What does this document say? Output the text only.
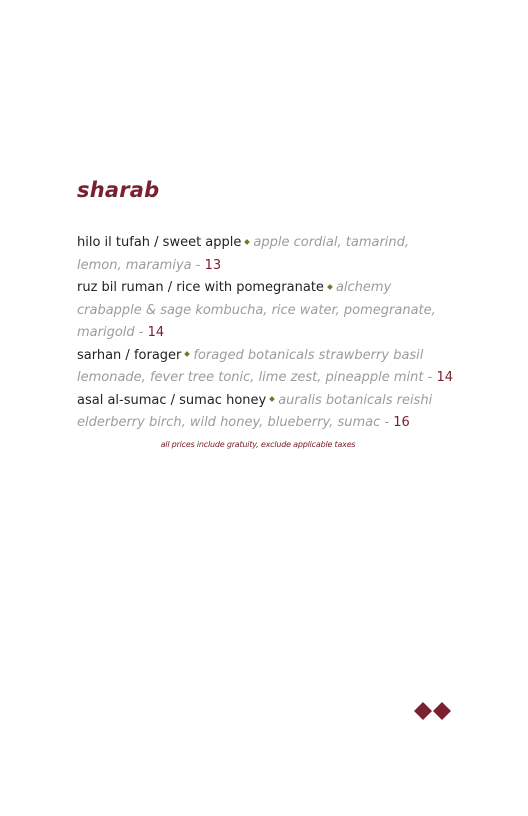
sharab

hilo il tufah / sweet apple apple cordial, tamarind, lemon, maramiya - 13

ruz bil ruman / rice with pomegranate alchemy crabapple & sage kombucha, rice water, pomegranate, marigold - 14

sarhan / forager foraged botanicals strawberry basil lemonade, fever tree tonic, lime zest, pineapple mint - 14

asal al-sumac / sumac honey auralis botanicals reishi elderberry birch, wild honey, blueberry, sumac - 16

all prices include gratuity, exclude applicable taxes
